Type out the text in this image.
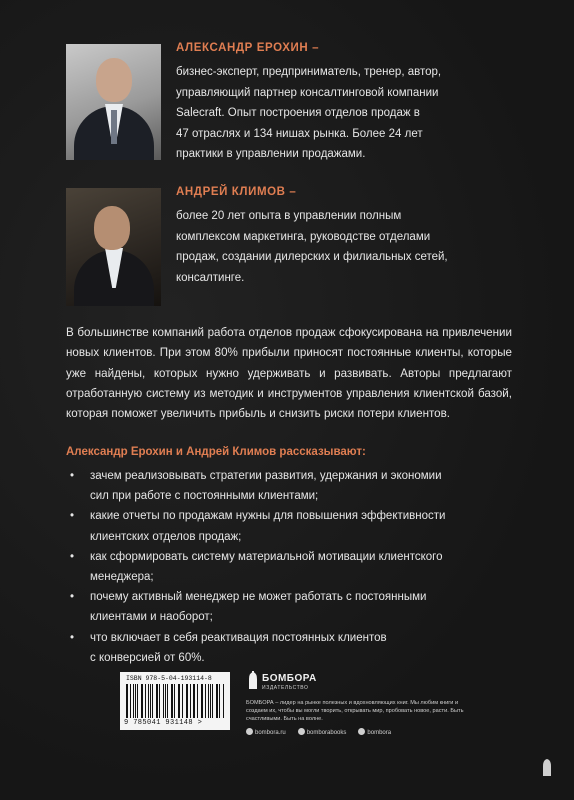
АЛЕКСАНДР ЕРОХИН –
бизнес-эксперт, предприниматель, тренер, автор,
управляющий партнер консалтинговой компании
Salecraft. Опыт построения отделов продаж в
47 отраслях и 134 нишах рынка. Более 24 лет
практики в управлении продажами.
АНДРЕЙ КЛИМОВ –
более 20 лет опыта в управлении полным
комплексом маркетинга, руководстве отделами
продаж, создании дилерских и филиальных сетей,
консалтинге.
В большинстве компаний работа отделов продаж сфокусирована на привлечении новых клиентов. При этом 80% прибыли приносят постоянные клиенты, которые уже найдены, которых нужно удерживать и развивать. Авторы предлагают отработанную систему из методик и инструментов управления клиентской базой, которая поможет увеличить прибыль и снизить риски потери клиентов.
Александр Ерохин и Андрей Климов рассказывают:
• зачем реализовывать стратегии развития, удержания и экономии
сил при работе с постоянными клиентами;
• какие отчеты по продажам нужны для повышения эффективности
клиентских отделов продаж;
• как сформировать систему материальной мотивации клиентского
менеджера;
• почему активный менеджер не может работать с постоянными
клиентами и наоборот;
• что включает в себя реактивация постоянных клиентов
с конверсией от 60%.
ISBN 978-5-04-193114-8
9 785041 931148 >
БОМБОРА
ИЗДАТЕЛЬСТВО
БОМБОРА – лидер на рынке полезных и вдохновляющих книг. Мы любим книги и создаем их, чтобы вы могли творить, открывать мир, пробовать новое, расти. Быть счастливыми. Быть на волне.
bombora.ru	bomborabooks	bombora
